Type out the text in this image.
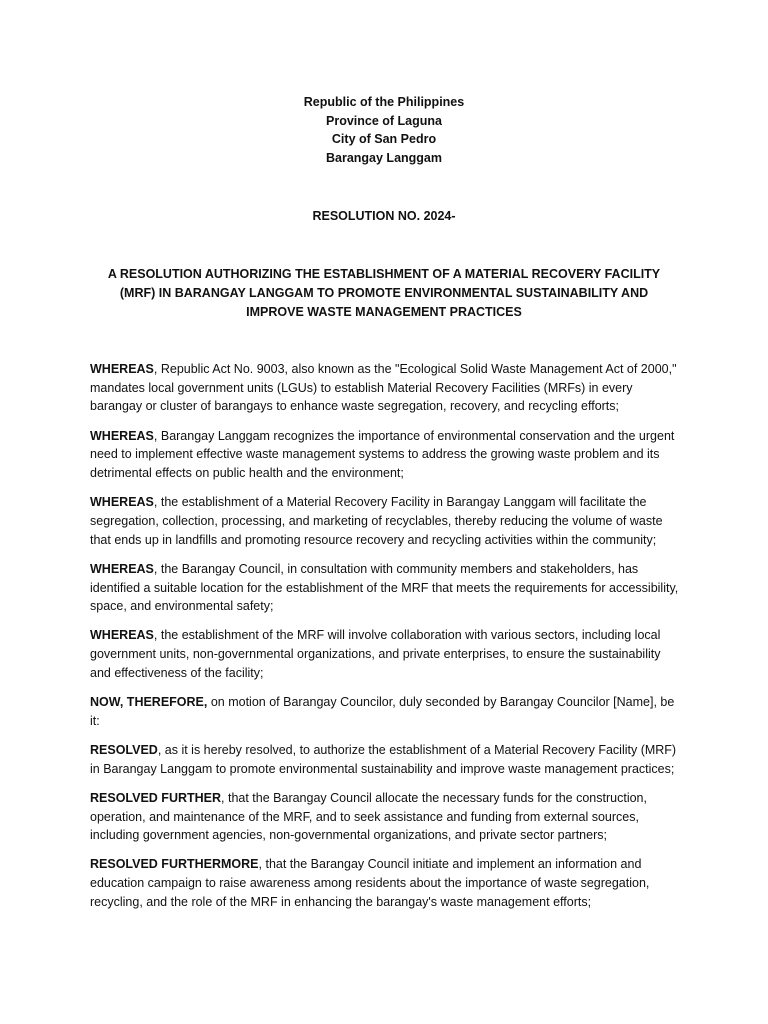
Republic of the Philippines
Province of Laguna
City of San Pedro
Barangay Langgam
RESOLUTION NO. 2024-
A RESOLUTION AUTHORIZING THE ESTABLISHMENT OF A MATERIAL RECOVERY FACILITY (MRF) IN BARANGAY LANGGAM TO PROMOTE ENVIRONMENTAL SUSTAINABILITY AND IMPROVE WASTE MANAGEMENT PRACTICES

WHEREAS, Republic Act No. 9003, also known as the "Ecological Solid Waste Management Act of 2000," mandates local government units (LGUs) to establish Material Recovery Facilities (MRFs) in every barangay or cluster of barangays to enhance waste segregation, recovery, and recycling efforts;

WHEREAS, Barangay Langgam recognizes the importance of environmental conservation and the urgent need to implement effective waste management systems to address the growing waste problem and its detrimental effects on public health and the environment;

WHEREAS, the establishment of a Material Recovery Facility in Barangay Langgam will facilitate the segregation, collection, processing, and marketing of recyclables, thereby reducing the volume of waste that ends up in landfills and promoting resource recovery and recycling activities within the community;

WHEREAS, the Barangay Council, in consultation with community members and stakeholders, has identified a suitable location for the establishment of the MRF that meets the requirements for accessibility, space, and environmental safety;

WHEREAS, the establishment of the MRF will involve collaboration with various sectors, including local government units, non-governmental organizations, and private enterprises, to ensure the sustainability and effectiveness of the facility;

NOW, THEREFORE, on motion of Barangay Councilor, duly seconded by Barangay Councilor [Name], be it:

RESOLVED, as it is hereby resolved, to authorize the establishment of a Material Recovery Facility (MRF) in Barangay Langgam to promote environmental sustainability and improve waste management practices;

RESOLVED FURTHER, that the Barangay Council allocate the necessary funds for the construction, operation, and maintenance of the MRF, and to seek assistance and funding from external sources, including government agencies, non-governmental organizations, and private sector partners;

RESOLVED FURTHERMORE, that the Barangay Council initiate and implement an information and education campaign to raise awareness among residents about the importance of waste segregation, recycling, and the role of the MRF in enhancing the barangay's waste management efforts;
